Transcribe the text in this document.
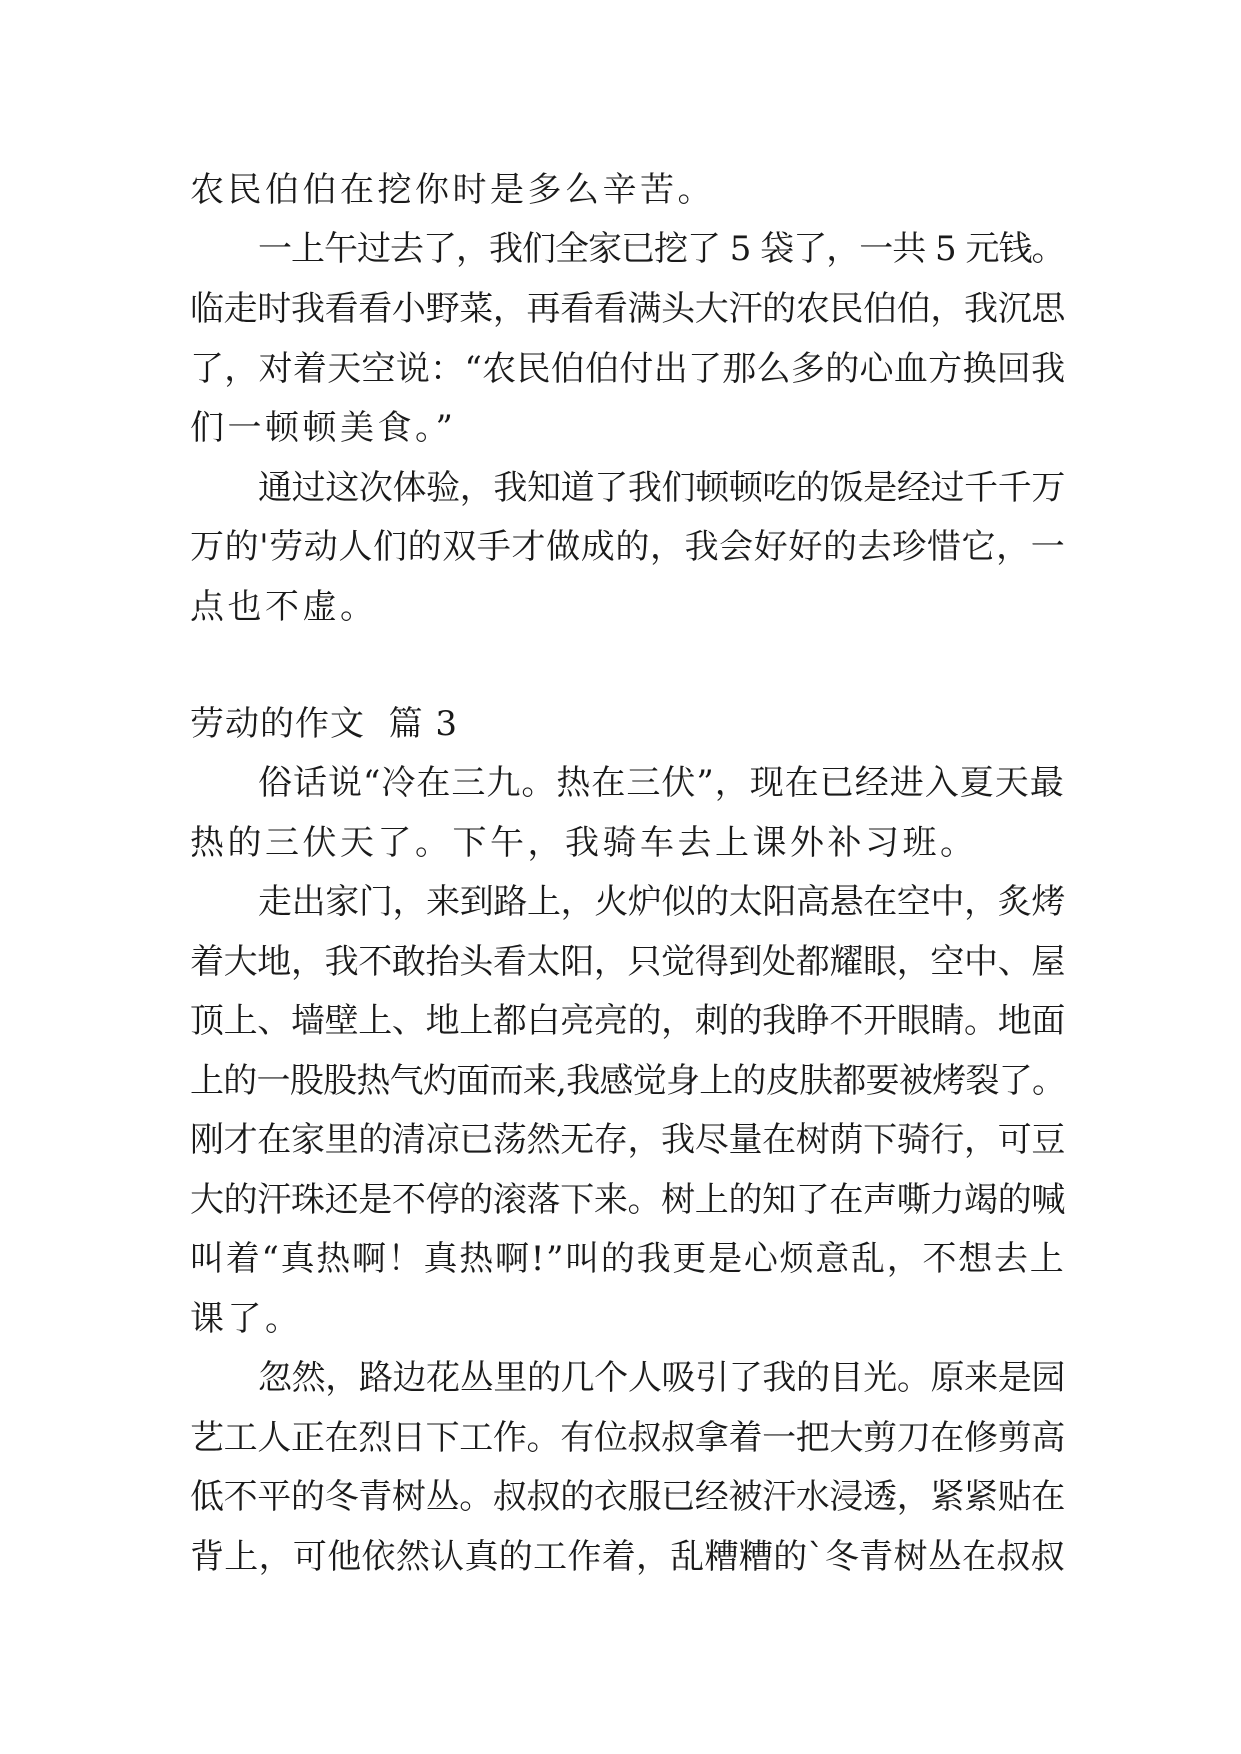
农民伯伯在挖你时是多么辛苦。
一上午过去了，我们全家已挖了 5 袋了，一共 5 元钱。
临走时我看看小野菜，再看看满头大汗的农民伯伯，我沉思
了，对着天空说：“农民伯伯付出了那么多的心血方换回我
们一顿顿美食。”
通过这次体验，我知道了我们顿顿吃的饭是经过千千万
万的'劳动人们的双手才做成的，我会好好的去珍惜它，一
点也不虚。
劳动的作文  篇 3
俗话说“冷在三九。热在三伏”，现在已经进入夏天最
热的三伏天了。下午，我骑车去上课外补习班。
走出家门，来到路上，火炉似的太阳高悬在空中，炙烤
着大地，我不敢抬头看太阳，只觉得到处都耀眼，空中、屋
顶上、墙壁上、地上都白亮亮的，刺的我睁不开眼睛。地面
上的一股股热气灼面而来,我感觉身上的皮肤都要被烤裂了。
刚才在家里的清凉已荡然无存，我尽量在树荫下骑行，可豆
大的汗珠还是不停的滚落下来。树上的知了在声嘶力竭的喊
叫着“真热啊！真热啊!”叫的我更是心烦意乱，不想去上
课了。
忽然，路边花丛里的几个人吸引了我的目光。原来是园
艺工人正在烈日下工作。有位叔叔拿着一把大剪刀在修剪高
低不平的冬青树丛。叔叔的衣服已经被汗水浸透，紧紧贴在
背上，可他依然认真的工作着，乱糟糟的`冬青树丛在叔叔
